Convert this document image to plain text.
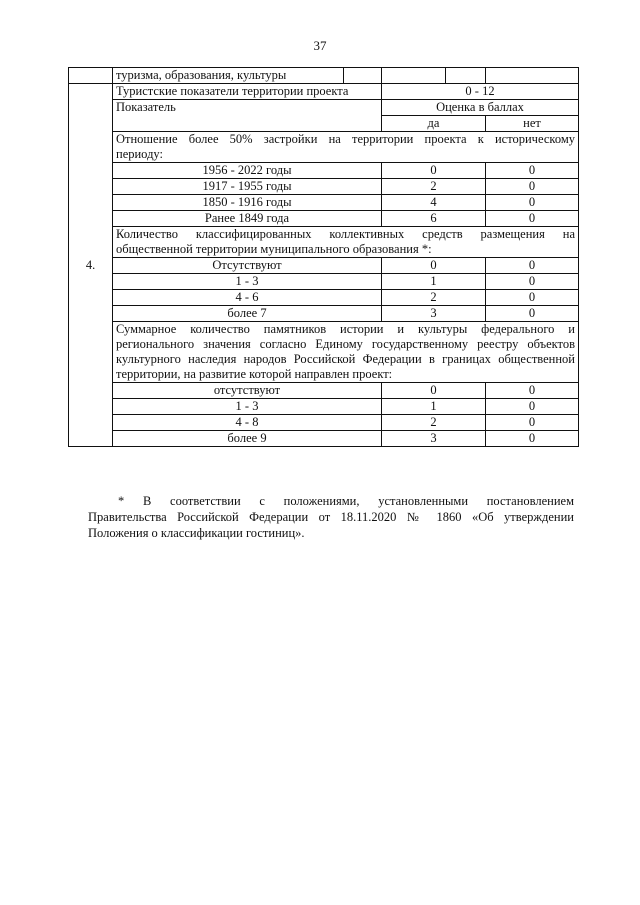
37
	туризма, образования, культуры				
4.	Туристские показатели территории проекта		0 - 12		
	Показатель		Оценка в баллах		
			да		нет

	Отношение более 50% застройки на территории проекта к историческому
периоду:				

	1956 - 2022 годы		0		0
	1917 - 1955 годы		2		0
	1850 - 1916 годы		4		0
	Ранее 1849 года		6		0

	Количество классифицированных коллективных средств размещения на
общественной территории муниципального образования *:				

	Отсутствуют		0		0
	1 - 3		1		0
	4 - 6		2		0
	более 7		3		0

	Суммарное количество памятников истории и культуры федерального и
регионального значения согласно Единому государственному реестру объектов
культурного наследия народов Российской Федерации в границах общественной
территории, на развитие которой направлен проект:				

	отсутствуют		0		0
	1 - 3		1		0
	4 - 8		2		0
	более 9		3		0
* В соответствии с положениями, установленными постановлением
Правительства Российской Федерации от 18.11.2020 № 1860 «Об утверждении
Положения о классификации гостиниц».
